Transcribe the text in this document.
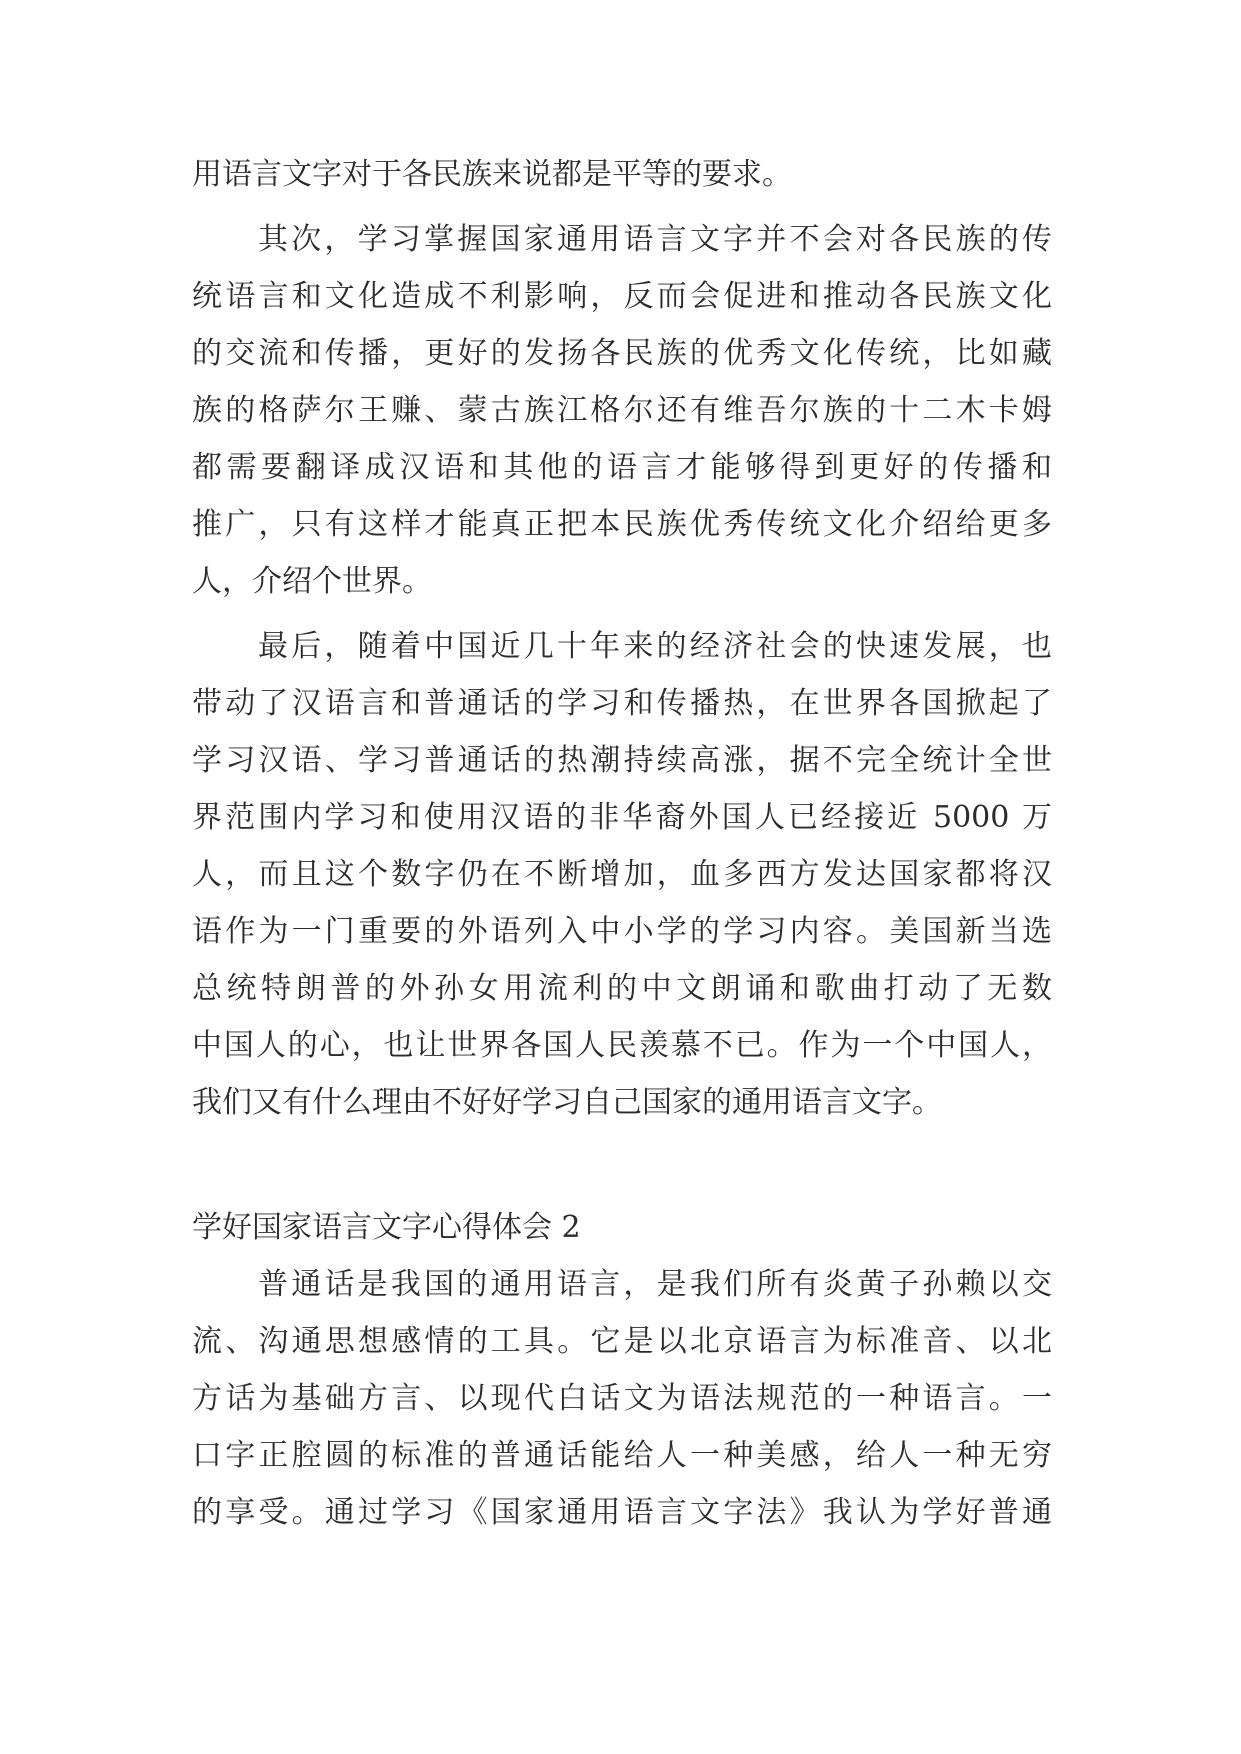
用语言文字对于各民族来说都是平等的要求。
其次，学习掌握国家通用语言文字并不会对各民族的传
统语言和文化造成不利影响，反而会促进和推动各民族文化
的交流和传播，更好的发扬各民族的优秀文化传统，比如藏
族的格萨尔王赚、蒙古族江格尔还有维吾尔族的十二木卡姆
都需要翻译成汉语和其他的语言才能够得到更好的传播和
推广，只有这样才能真正把本民族优秀传统文化介绍给更多
人，介绍个世界。
最后，随着中国近几十年来的经济社会的快速发展，也
带动了汉语言和普通话的学习和传播热，在世界各国掀起了
学习汉语、学习普通话的热潮持续高涨，据不完全统计全世
界范围内学习和使用汉语的非华裔外国人已经接近 5000 万
人，而且这个数字仍在不断增加，血多西方发达国家都将汉
语作为一门重要的外语列入中小学的学习内容。美国新当选
总统特朗普的外孙女用流利的中文朗诵和歌曲打动了无数
中国人的心，也让世界各国人民羡慕不已。作为一个中国人，
我们又有什么理由不好好学习自己国家的通用语言文字。
学好国家语言文字心得体会 2
普通话是我国的通用语言，是我们所有炎黄子孙赖以交
流、沟通思想感情的工具。它是以北京语言为标准音、以北
方话为基础方言、以现代白话文为语法规范的一种语言。一
口字正腔圆的标准的普通话能给人一种美感，给人一种无穷
的享受。通过学习《国家通用语言文字法》我认为学好普通
